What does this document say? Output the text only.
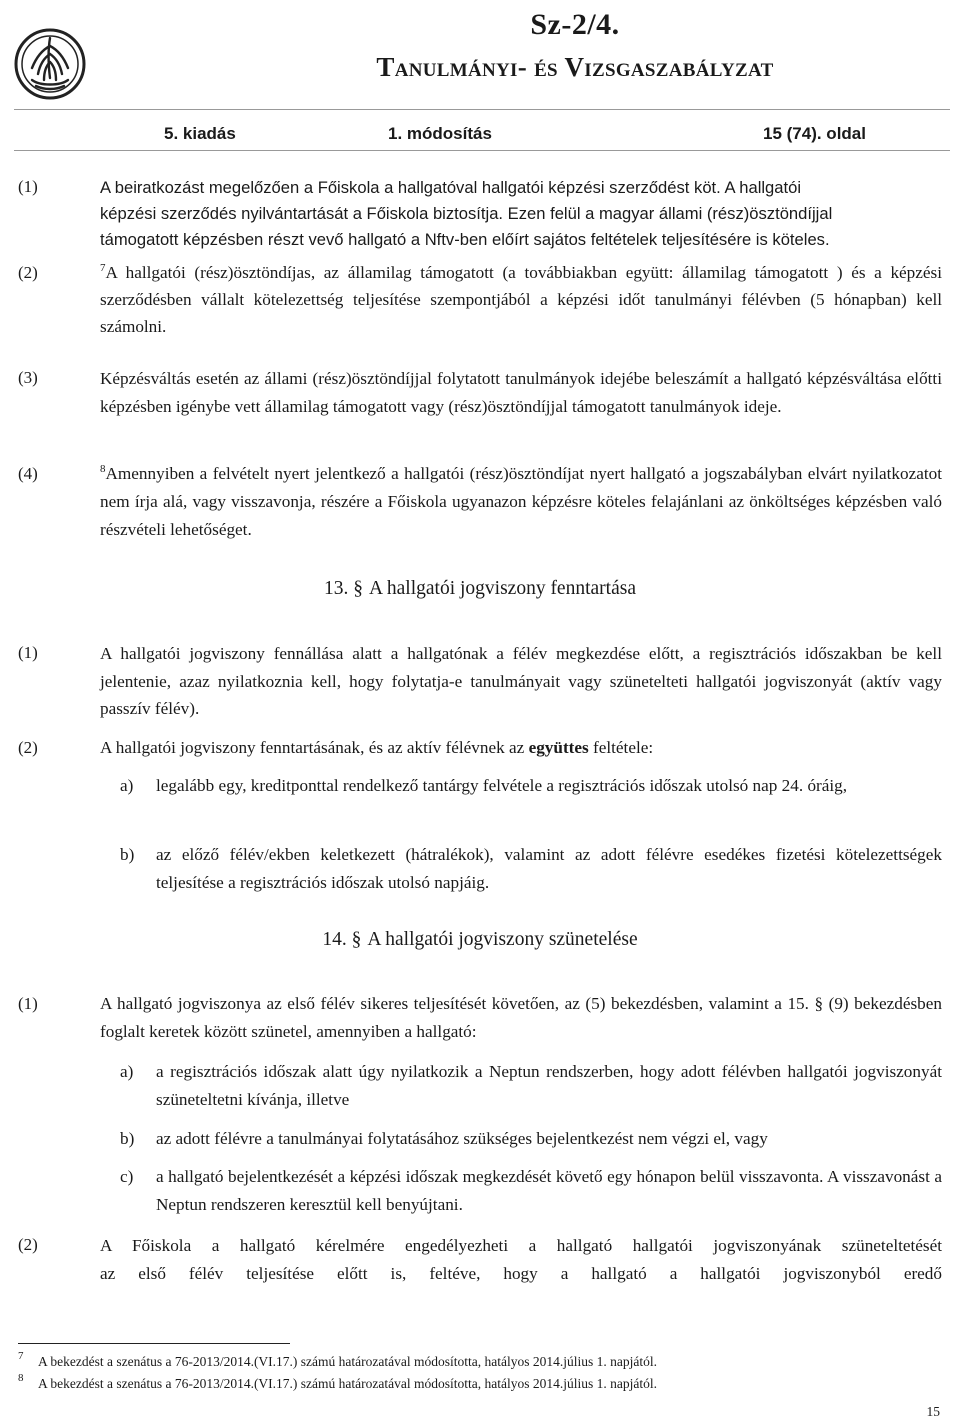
Sz-2/4.
Tanulmányi- és Vizsgaszabályzat
5. kiadás	1. módosítás	15 (74). oldal
(1)	A beiratkozást megelőzően a Főiskola a hallgatóval hallgatói képzési szerződést köt. A hallgatói
képzési szerződés nyilvántartását a Főiskola biztosítja. Ezen felül a magyar állami (rész)ösztöndíjjal
támogatott képzésben részt vevő hallgató a Nftv-ben előírt sajátos feltételek teljesítésére is köteles.
(2)	$^7$A hallgatói (rész)ösztöndíjas, az államilag támogatott (a továbbiakban együtt: államilag támogatott ) és a képzési szerződésben vállalt kötelezettség teljesítése szempontjából a képzési időt tanulmányi félévben (5 hónapban) kell számolni.
(3)	Képzésváltás esetén az állami (rész)ösztöndíjjal folytatott tanulmányok idejébe beleszámít a hallgató képzésváltása előtti képzésben igénybe vett államilag támogatott vagy (rész)ösztöndíjjal támogatott tanulmányok ideje.
(4)	$^8$Amennyiben a felvételt nyert jelentkező a hallgatói (rész)ösztöndíjat nyert hallgató a jogszabályban elvárt nyilatkozatot nem írja alá, vagy visszavonja, részére a Főiskola ugyanazon képzésre köteles felajánlani az önköltséges képzésben való részvételi lehetőséget.
13. § A hallgatói jogviszony fenntartása
(1)	A hallgatói jogviszony fennállása alatt a hallgatónak a félév megkezdése előtt, a regisztrációs időszakban be kell jelentenie, azaz nyilatkoznia kell, hogy folytatja-e tanulmányait vagy szünetelteti hallgatói jogviszonyát (aktív vagy passzív félév).
(2)	A hallgatói jogviszony fenntartásának, és az aktív félévnek az együttes feltétele:
a) legalább egy, kreditponttal rendelkező tantárgy felvétele a regisztrációs időszak utolsó nap 24. óráig,
b) az előző félév/ekben keletkezett (hátralékok), valamint az adott félévre esedékes fizetési kötelezettségek teljesítése a regisztrációs időszak utolsó napjáig.
14. § A hallgatói jogviszony szünetelése
(1)	A hallgató jogviszonya az első félév sikeres teljesítését követően, az (5) bekezdésben, valamint a 15. § (9) bekezdésben foglalt keretek között szünetel, amennyiben a hallgató:
a) a regisztrációs időszak alatt úgy nyilatkozik a Neptun rendszerben, hogy adott félévben hallgatói jogviszonyát szüneteltetni kívánja, illetve
b) az adott félévre a tanulmányai folytatásához szükséges bejelentkezést nem végzi el, vagy
c) a hallgató bejelentkezését a képzési időszak megkezdését követő egy hónapon belül visszavonta. A visszavonást a Neptun rendszeren keresztül kell benyújtani.
(2)	A Főiskola a hallgató kérelmére engedélyezheti a hallgató hallgatói jogviszonyának szüneteltetését
az első félév teljesítése előtt is, feltéve, hogy a hallgató a hallgatói jogviszonyból eredő
7 A bekezdést a szenátus a 76-2013/2014.(VI.17.) számú határozatával módosította, hatályos 2014.július 1. napjától.
8 A bekezdést a szenátus a 76-2013/2014.(VI.17.) számú határozatával módosította, hatályos 2014.július 1. napjától.
15
